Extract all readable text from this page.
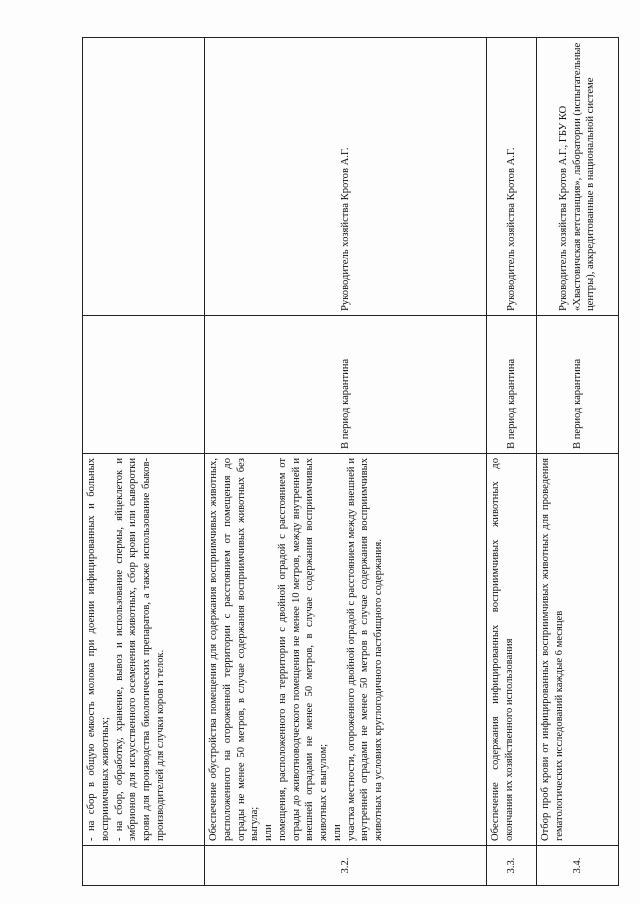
	- на сбор в общую емкость молока при доении инфицированных и больных восприимчивых животных; - на сбор, обработку, хранение, вывоз и использование спермы, яйцеклеток и эмбрионов для искусственного осеменения животных, сбор крови или сыворотки крови для производства биологических препаратов, а также использование быков-производителей для случки коров и телок.		

3.2.	Обеспечение обустройства помещения для содержания восприимчивых животных, расположенного на огороженной территории с расстоянием от помещения до ограды не менее 50 метров, в случае содержания восприимчивых животных без выгула; или помещения, расположенного на территории с двойной оградой с расстоянием от ограды до животноводческого помещения не менее 10 метров, между внутренней и внешней оградами не менее 50 метров, в случае содержания восприимчивых животных с выгулом; или участка местности, огороженного двойной оградой с расстоянием между внешней и внутренней оградами не менее 50 метров в случае содержания восприимчивых животных на условиях круглогодичного пастбищного содержания.	В период карантина	Руководитель хозяйства Кротов А.Г.
3.3.	Обеспечение содержания инфицированных восприимчивых животных до окончания их хозяйственного использования	В период карантина	Руководитель хозяйства Кротов А.Г.
3.4.	Отбор проб крови от инфицированных восприимчивых животных для проведения гематологических исследований каждые 6 месяцев	В период карантина	Руководитель хозяйства Кротов А.Г., ГБУ КО «Хвастовичская ветстанция», лаборатории (испытательные центры), аккредитованные в национальной системе
